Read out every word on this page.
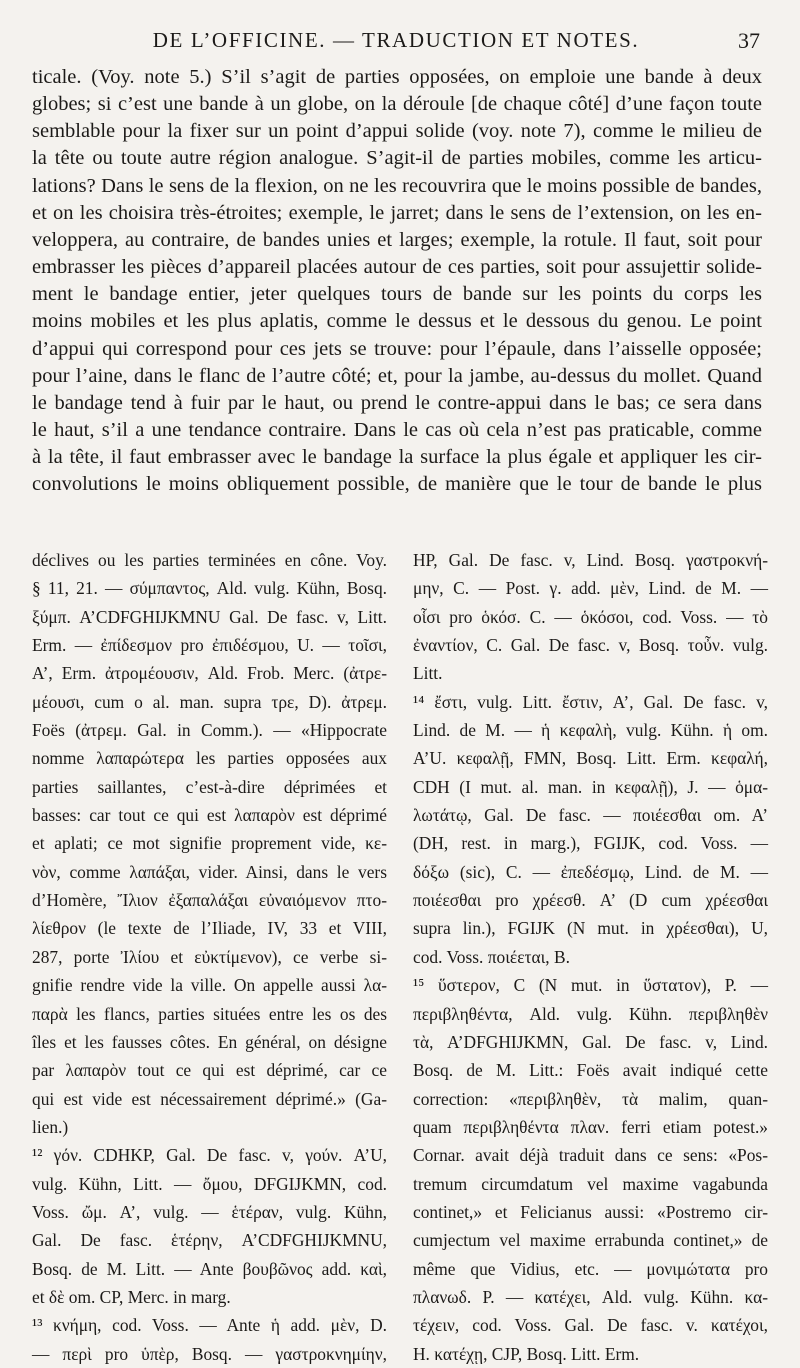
DE L’OFFICINE. — TRADUCTION ET NOTES.	37
ticale. (Voy. note 5.) S’il s’agit de parties opposées, on emploie une bande à deux
globes; si c’est une bande à un globe, on la déroule [de chaque côté] d’une façon toute
semblable pour la fixer sur un point d’appui solide (voy. note 7), comme le milieu de
la tête ou toute autre région analogue. S’agit-il de parties mobiles, comme les articu-
lations? Dans le sens de la flexion, on ne les recouvrira que le moins possible de bandes,
et on les choisira très-étroites; exemple, le jarret; dans le sens de l’extension, on les en-
veloppera, au contraire, de bandes unies et larges; exemple, la rotule. Il faut, soit pour
embrasser les pièces d’appareil placées autour de ces parties, soit pour assujettir solide-
ment le bandage entier, jeter quelques tours de bande sur les points du corps les
moins mobiles et les plus aplatis, comme le dessus et le dessous du genou. Le point
d’appui qui correspond pour ces jets se trouve: pour l’épaule, dans l’aisselle opposée;
pour l’aine, dans le flanc de l’autre côté; et, pour la jambe, au-dessus du mollet. Quand
le bandage tend à fuir par le haut, ou prend le contre-appui dans le bas; ce sera dans
le haut, s’il a une tendance contraire. Dans le cas où cela n’est pas praticable, comme
à la tête, il faut embrasser avec le bandage la surface la plus égale et appliquer les cir-
convolutions le moins obliquement possible, de manière que le tour de bande le plus
déclives ou les parties terminées en cône. Voy.
§ 11, 21. — σύμπαντος, Ald. vulg. Kühn, Bosq.
ξύμπ. A’CDFGHIJKMNU Gal. De fasc. v, Litt.
Erm. — ἐπίδεσμον pro ἐπιδέσμου, U. — τοῖσι,
A’, Erm. ἀτρομέουσιν, Ald. Frob. Merc. (ἀτρε-
μέουσι, cum ο al. man. supra τρε, D). ἀτρεμ.
Foës (ἀτρεμ. Gal. in Comm.). — «Hippocrate
nomme λαπαρώτερα les parties opposées aux
parties saillantes, c’est-à-dire déprimées et
basses: car tout ce qui est λαπαρὸν est déprimé
et aplati; ce mot signifie proprement vide, κε-
νὸν, comme λαπάξαι, vider. Ainsi, dans le vers
d’Homère, Ἴλιον ἐξαπαλάξαι εὐναιόμενον πτο-
λίεθρον (le texte de l’Iliade, IV, 33 et VIII,
287, porte Ἰλίου et εὐκτίμενον), ce verbe si-
gnifie rendre vide la ville. On appelle aussi λα-
παρὰ les flancs, parties situées entre les os des
îles et les fausses côtes. En général, on désigne
par λαπαρὸν tout ce qui est déprimé, car ce
qui est vide est nécessairement déprimé.» (Ga-
lien.)
¹² γόν. CDHKP, Gal. De fasc. v, γούν. A’U,
vulg. Kühn, Litt. — ὄμου, DFGIJKMN, cod.
Voss. ὤμ. A’, vulg. — ἑτέραν, vulg. Kühn,
Gal. De fasc. ἑτέρην, A’CDFGHIJKMNU,
Bosq. de M. Litt. — Ante βουβῶνος add. καὶ,
et δὲ om. CP, Merc. in marg.
¹³ κνήμη, cod. Voss. — Ante ἡ add. μὲν, D.
— περὶ pro ὑπὲρ, Bosq. — γαστροκνημίην,
HP, Gal. De fasc. v, Lind. Bosq. γαστροκνή-
μην, C. — Post. γ. add. μὲν, Lind. de M. —
οἷσι pro ὁκόσ. C. — ὁκόσοι, cod. Voss. — τὸ
ἐναντίον, C. Gal. De fasc. v, Bosq. τοὖν. vulg.
Litt.
¹⁴ ἔστι, vulg. Litt. ἔστιν, A’, Gal. De fasc. v,
Lind. de M. — ἡ κεφαλὴ, vulg. Kühn. ἡ om.
A’U. κεφαλῇ, FMN, Bosq. Litt. Erm. κεφαλή,
CDH (I mut. al. man. in κεφαλῇ), J. — ὁμα-
λωτάτῳ, Gal. De fasc. — ποιέεσθαι om. A’
(DH, rest. in marg.), FGIJK, cod. Voss. —
δόξω (sic), C. — ἐπεδέσμῳ, Lind. de M. —
ποιέεσθαι pro χρέεσθ. A’ (D cum χρέεσθαι
supra lin.), FGIJK (N mut. in χρέεσθαι), U,
cod. Voss. ποιέεται, B.
¹⁵ ὕστερον, C (N mut. in ὕστατον), P. —
περιβληθέντα, Ald. vulg. Kühn. περιβληθὲν
τὰ, A’DFGHIJKMN, Gal. De fasc. v, Lind.
Bosq. de M. Litt.: Foës avait indiqué cette
correction: «περιβληθὲν, τὰ malim, quan-
quam περιβληθέντα πλαν. ferri etiam potest.»
Cornar. avait déjà traduit dans ce sens: «Pos-
tremum circumdatum vel maxime vagabunda
continet,» et Felicianus aussi: «Postremo cir-
cumjectum vel maxime errabunda continet,» de
même que Vidius, etc. — μονιμώτατα pro
πλανωδ. P. — κατέχει, Ald. vulg. Kühn. κα-
τέχειν, cod. Voss. Gal. De fasc. v. κατέχοι,
H. κατέχῃ, CJP, Bosq. Litt. Erm.
